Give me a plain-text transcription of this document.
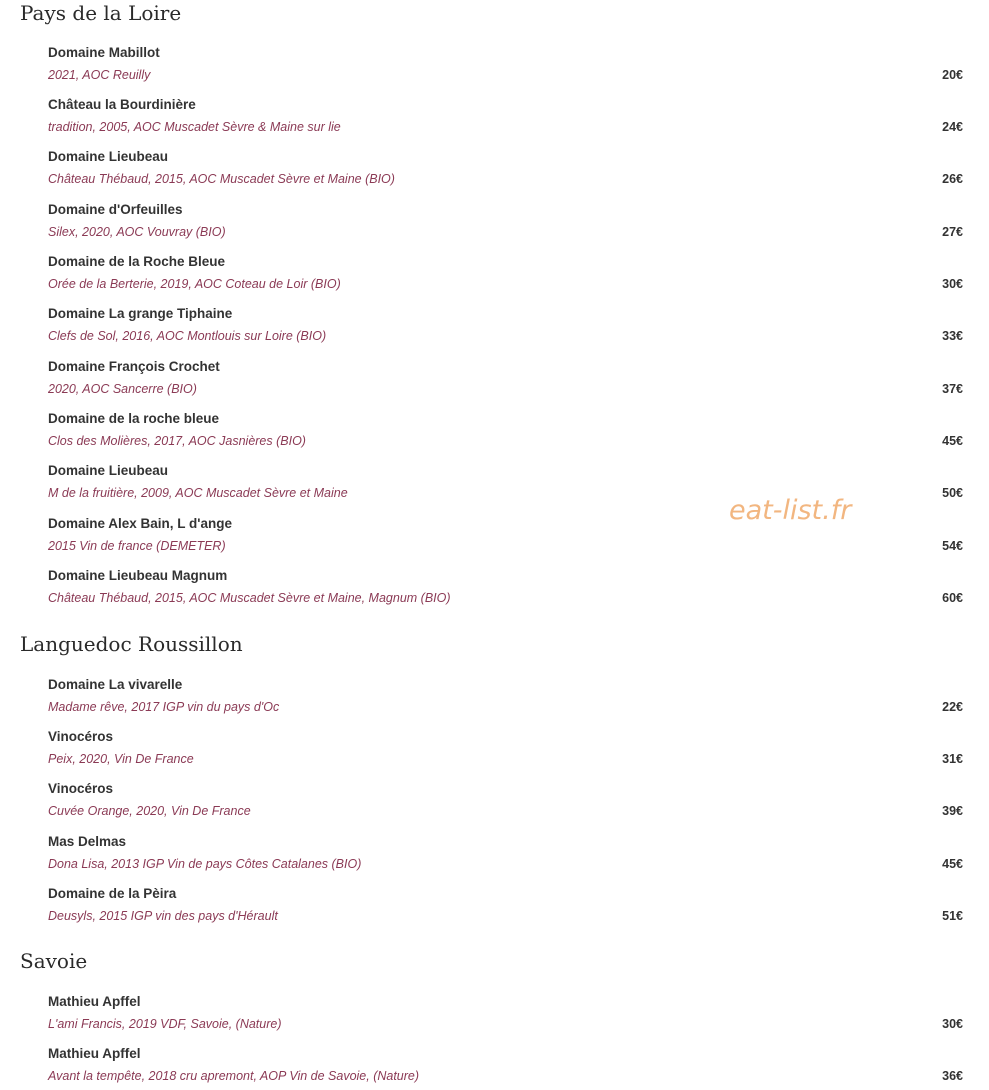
Pays de la Loire
Domaine Mabillot
2021, AOC Reuilly	20€
Château la Bourdinière
tradition, 2005, AOC Muscadet Sèvre & Maine sur lie	24€
Domaine Lieubeau
Château Thébaud, 2015, AOC Muscadet Sèvre et Maine (BIO)	26€
Domaine d'Orfeuilles
Silex, 2020, AOC Vouvray (BIO)	27€
Domaine de la Roche Bleue
Orée de la Berterie, 2019, AOC Coteau de Loir (BIO)	30€
Domaine La grange Tiphaine
Clefs de Sol, 2016, AOC Montlouis sur Loire (BIO)	33€
Domaine François Crochet
2020, AOC Sancerre (BIO)	37€
Domaine de la roche bleue
Clos des Molières, 2017, AOC Jasnières (BIO)	45€
Domaine Lieubeau
M de la fruitière, 2009, AOC Muscadet Sèvre et Maine	50€
Domaine Alex Bain, L d'ange
2015 Vin de france (DEMETER)	54€
Domaine Lieubeau Magnum
Château Thébaud, 2015, AOC Muscadet Sèvre et Maine, Magnum (BIO)	60€
Languedoc Roussillon
Domaine La vivarelle
Madame rêve, 2017 IGP vin du pays d'Oc	22€
Vinocéros
Peix, 2020, Vin De France	31€
Vinocéros
Cuvée Orange, 2020, Vin De France	39€
Mas Delmas
Dona Lisa, 2013 IGP Vin de pays Côtes Catalanes (BIO)	45€
Domaine de la Pèira
Deusyls, 2015 IGP vin des pays d'Hérault	51€
Savoie
Mathieu Apffel
L'ami Francis, 2019 VDF, Savoie, (Nature)	30€
Mathieu Apffel
Avant la tempête, 2018 cru apremont, AOP Vin de Savoie, (Nature)	36€
eat-list.fr
